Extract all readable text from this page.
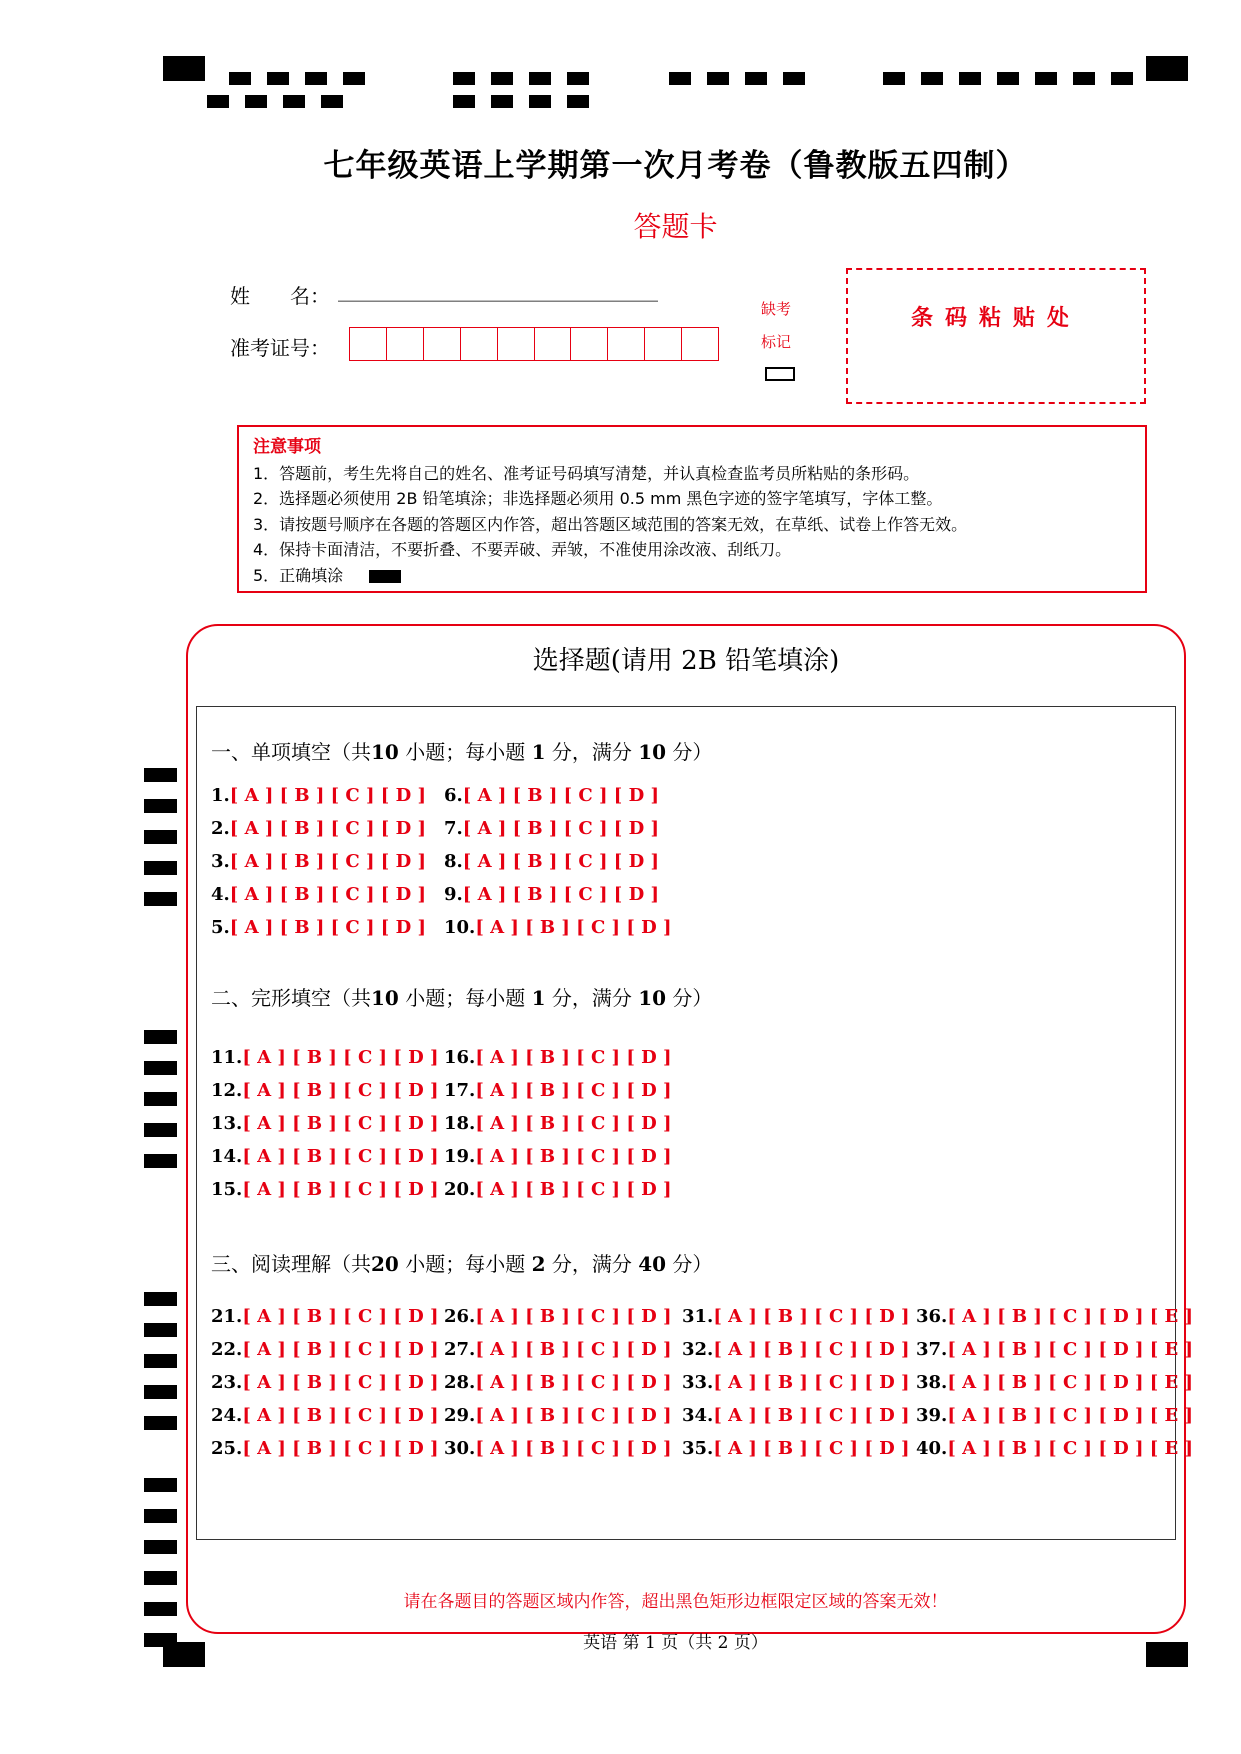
七年级英语上学期第一次月考卷（鲁教版五四制）
答题卡
姓　　名： ________________________________
准考证号：
缺考
标记
条码粘贴处
注意事项
1．答题前，考生先将自己的姓名、准考证号码填写清楚，并认真检查监考员所粘贴的条形码。
2．选择题必须使用 2B 铅笔填涂；非选择题必须用 0.5 mm 黑色字迹的签字笔填写，字体工整。
3．请按题号顺序在各题的答题区内作答，超出答题区域范围的答案无效，在草纸、试卷上作答无效。
4．保持卡面清洁，不要折叠、不要弄破、弄皱，不准使用涂改液、刮纸刀。
5．正确填涂
选择题(请用 2B 铅笔填涂)
一、单项填空（共10 小题；每小题 1 分，满分 10 分）
二、完形填空（共10 小题；每小题 1 分，满分 10 分）
三、阅读理解（共20 小题；每小题 2 分，满分 40 分）
1.[ A ] [ B ] [ C ] [ D ] 6.[ A ] [ B ] [ C ] [ D ]
2.[ A ] [ B ] [ C ] [ D ] 7.[ A ] [ B ] [ C ] [ D ]
3.[ A ] [ B ] [ C ] [ D ] 8.[ A ] [ B ] [ C ] [ D ]
4.[ A ] [ B ] [ C ] [ D ] 9.[ A ] [ B ] [ C ] [ D ]
5.[ A ] [ B ] [ C ] [ D ] 10.[ A ] [ B ] [ C ] [ D ]
11.[ A ] [ B ] [ C ] [ D ] 16.[ A ] [ B ] [ C ] [ D ]
12.[ A ] [ B ] [ C ] [ D ] 17.[ A ] [ B ] [ C ] [ D ]
13.[ A ] [ B ] [ C ] [ D ] 18.[ A ] [ B ] [ C ] [ D ]
14.[ A ] [ B ] [ C ] [ D ] 19.[ A ] [ B ] [ C ] [ D ]
15.[ A ] [ B ] [ C ] [ D ] 20.[ A ] [ B ] [ C ] [ D ]
21.[ A ] [ B ] [ C ] [ D ] 26.[ A ] [ B ] [ C ] [ D ] 31.[ A ] [ B ] [ C ] [ D ] 36.[ A ] [ B ] [ C ] [ D ] [ E ]
22.[ A ] [ B ] [ C ] [ D ] 27.[ A ] [ B ] [ C ] [ D ] 32.[ A ] [ B ] [ C ] [ D ] 37.[ A ] [ B ] [ C ] [ D ] [ E ]
23.[ A ] [ B ] [ C ] [ D ] 28.[ A ] [ B ] [ C ] [ D ] 33.[ A ] [ B ] [ C ] [ D ] 38.[ A ] [ B ] [ C ] [ D ] [ E ]
24.[ A ] [ B ] [ C ] [ D ] 29.[ A ] [ B ] [ C ] [ D ] 34.[ A ] [ B ] [ C ] [ D ] 39.[ A ] [ B ] [ C ] [ D ] [ E ]
25.[ A ] [ B ] [ C ] [ D ] 30.[ A ] [ B ] [ C ] [ D ] 35.[ A ] [ B ] [ C ] [ D ] 40.[ A ] [ B ] [ C ] [ D ] [ E ]
请在各题目的答题区域内作答，超出黑色矩形边框限定区域的答案无效！
英语 第 1 页（共 2 页）
